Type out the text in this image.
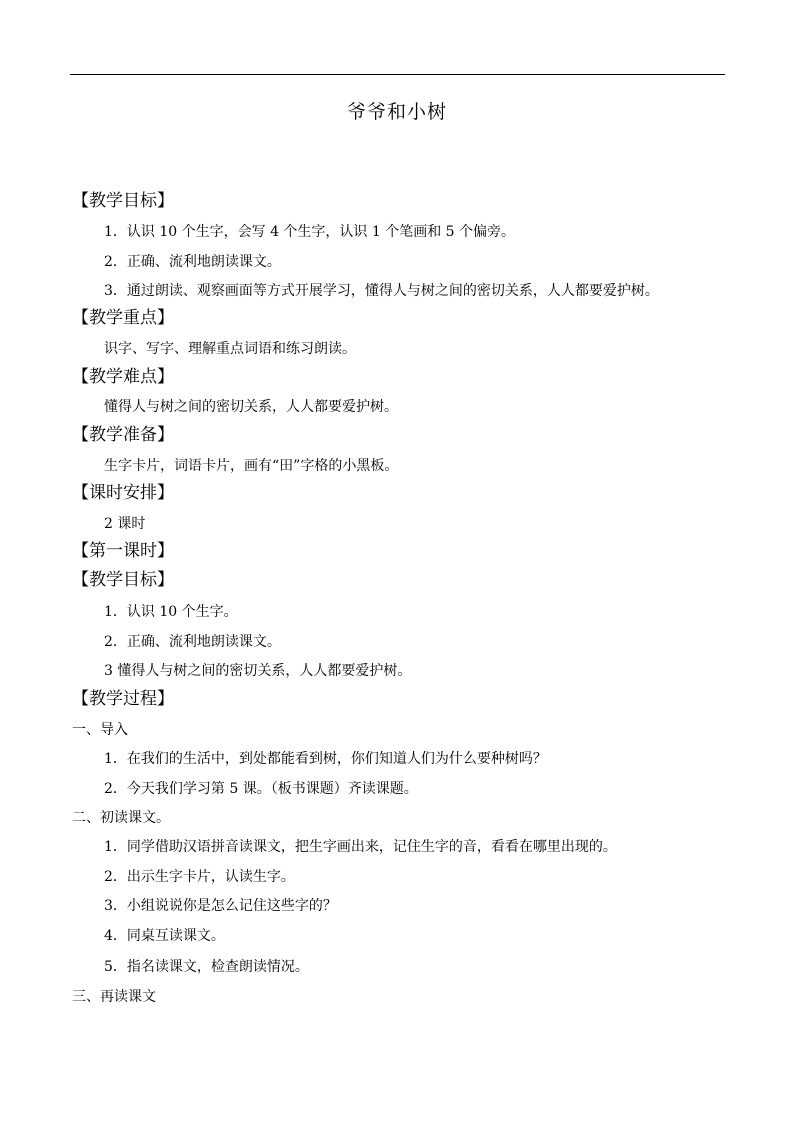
爷爷和小树
【教学目标】
1．认识 10 个生字，会写 4 个生字，认识 1 个笔画和 5 个偏旁。
2．正确、流利地朗读课文。
3．通过朗读、观察画面等方式开展学习，懂得人与树之间的密切关系，人人都要爱护树。
【教学重点】
识字、写字、理解重点词语和练习朗读。
【教学难点】
懂得人与树之间的密切关系，人人都要爱护树。
【教学准备】
生字卡片，词语卡片，画有“田”字格的小黑板。
【课时安排】
2 课时
【第一课时】
【教学目标】
1．认识 10 个生字。
2．正确、流利地朗读课文。
3 懂得人与树之间的密切关系，人人都要爱护树。
【教学过程】
一、导入
1．在我们的生活中，到处都能看到树，你们知道人们为什么要种树吗？
2．今天我们学习第 5 课。（板书课题）齐读课题。
二、初读课文。
1．同学借助汉语拼音读课文，把生字画出来，记住生字的音，看看在哪里出现的。
2．出示生字卡片，认读生字。
3．小组说说你是怎么记住这些字的？
4．同桌互读课文。
5．指名读课文，检查朗读情况。
三、再读课文
